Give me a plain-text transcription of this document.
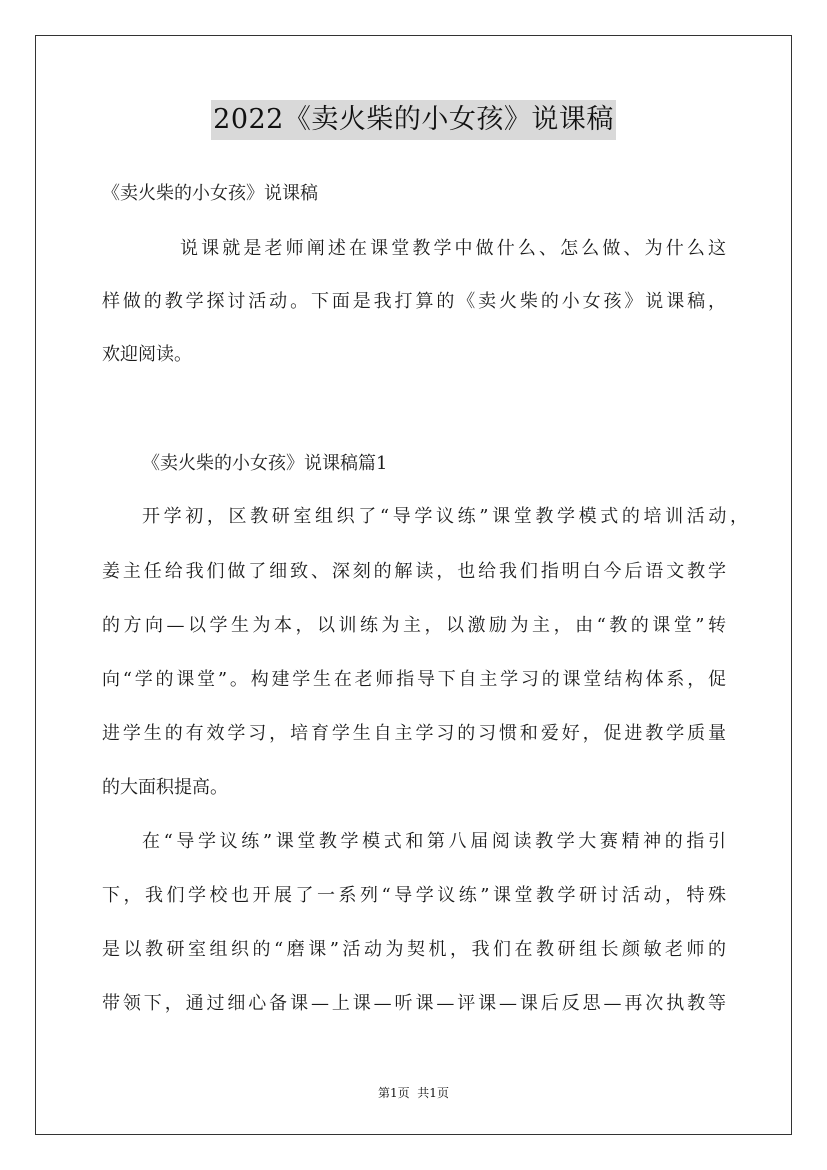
2022《卖火柴的小女孩》说课稿
《卖火柴的小女孩》说课稿
说课就是老师阐述在课堂教学中做什么、怎么做、为什么这
样做的教学探讨活动。下面是我打算的《卖火柴的小女孩》说课稿，
欢迎阅读。
《卖火柴的小女孩》说课稿篇1
开学初，区教研室组织了“导学议练”课堂教学模式的培训活动，
姜主任给我们做了细致、深刻的解读，也给我们指明白今后语文教学
的方向—以学生为本，以训练为主，以激励为主，由“教的课堂”转
向“学的课堂”。构建学生在老师指导下自主学习的课堂结构体系，促
进学生的有效学习，培育学生自主学习的习惯和爱好，促进教学质量
的大面积提高。
在“导学议练”课堂教学模式和第八届阅读教学大赛精神的指引
下，我们学校也开展了一系列“导学议练”课堂教学研讨活动，特殊
是以教研室组织的“磨课”活动为契机，我们在教研组长颜敏老师的
带领下，通过细心备课—上课—听课—评课—课后反思—再次执教等
第1页  共1页
